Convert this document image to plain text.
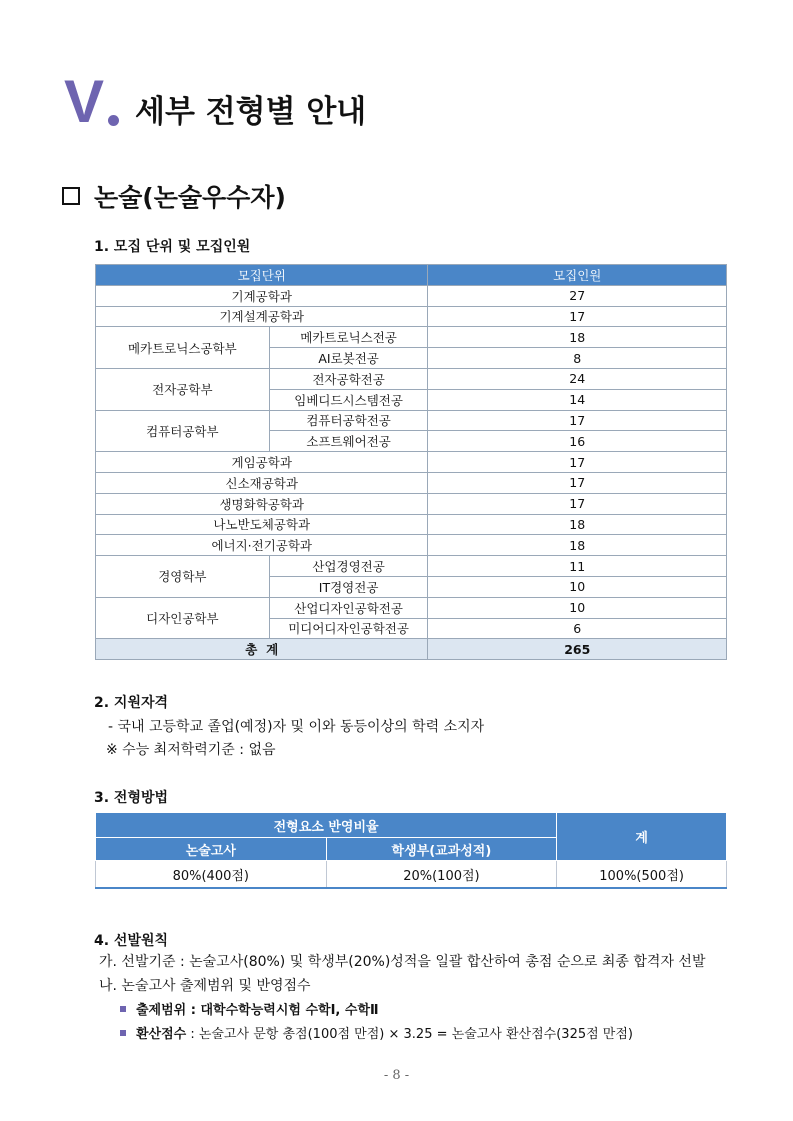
V 세부 전형별 안내
논술(논술우수자)
1. 모집 단위 및 모집인원
모집단위		모집인원
기계공학과		27
기계설계공학과		17
메카트로닉스공학부	메카트로닉스전공	18
	AI로봇전공	8
전자공학부	전자공학전공	24
	임베디드시스템전공	14
컴퓨터공학부	컴퓨터공학전공	17
	소프트웨어전공	16
게임공학과		17
신소재공학과		17
생명화학공학과		17
나노반도체공학과		18
에너지·전기공학과		18
경영학부	산업경영전공	11
	IT경영전공	10
디자인공학부	산업디자인공학전공	10
	미디어디자인공학전공	6
총  계		265
2. 지원자격
- 국내 고등학교 졸업(예정)자 및 이와 동등이상의 학력 소지자
※ 수능 최저학력기준 : 없음
3. 전형방법
전형요소 반영비율		계
논술고사	학생부(교과성적)	
80%(400점)	20%(100점)	100%(500점)
4. 선발원칙
가. 선발기준 : 논술고사(80%) 및 학생부(20%)성적을 일괄 합산하여 총점 순으로 최종 합격자 선발
나. 논술고사 출제범위 및 반영점수
출제범위 : 대학수학능력시험 수학Ⅰ, 수학Ⅱ
환산점수 : 논술고사 문항 총점(100점 만점) × 3.25 = 논술고사 환산점수(325점 만점)
- 8 -
